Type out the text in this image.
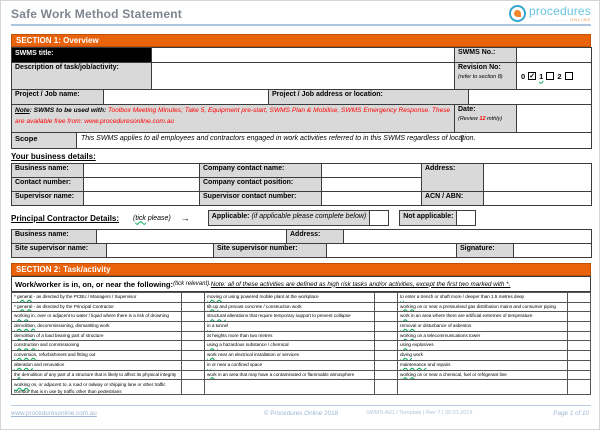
Safe Work Method Statement	procedures
- - - - - - - ONLINE
SECTION 1: Overview
SWMS title:	SWMS No.:
Description of task/job/activity:	Revision No:
(refer to section 8)	0 ✓ 1 2
Project / Job name:	Project / Job address or location:
Note: SWMS to be used with: Toolbox Meeting Minutes; Take 5, Equipment pre-start, SWMS Plan & Mobilise, SWMS Emergency Response. These are available free from: www.proceduresonline.com.au
Date:
(Review 12 mthly)
Scope	This SWMS applies to all employees and contractors engaged in work activities referred to in this SWMS regardless of location.
I
Your business details:
Business name:	Company contact name:	Address:
Contact number:	Company contact position:
Supervisor name:	Supervisor contact number:	ACN / ABN:
Principal Contractor Details: (tick please) →	Applicable: (if applicable please complete below)	Not applicable:
Business name:	Address:
Site supervisor name:	Site supervisor number:	Signature:
SECTION 2: Task/activity
Work/worker is in, on, or near the following: (tick relevant). Note: all of these activities are defined as high risk tasks and/or activities, except the first two marked with *.
* general - as directed by the PCBU / Managers / Supervisor	moving or using powered mobile plant at the workplace	to enter a trench or shaft more / deeper than 1.5 metres deep
* general - as directed by the Principal Contractor	tilt-up and precast concrete / construction work	working on or near a pressurised gas distribution mains and consumer piping
working in, over or adjacent to water / liquid where there is a risk of drowning	structural alterations that require temporary support to prevent collapse	work in an area where there are artificial extremes of temperature
demolition, decommissioning, dismantling work	in a tunnel	removal or disturbance of asbestos
demolition of a load bearing part of structure	at heights more than two metres	working on a telecommunications tower
construction and commissioning	using a hazardous substance / chemical	using explosives
conversion, refurbishment and fitting out	work near an electrical installation or services	diving work
alteration and renovation	in or near a confined space	maintenance and repairs
the demolition of any part of a structure that is likely to affect its physical integrity	work in an area that may have a contaminated or flammable atmosphere	working on or near a chemical, fuel or refrigerant line
working on, or adjacent to, a road or railway or shipping lane or other traffic corridor that is in use by traffic other than pedestrians
www.proceduresonline.com.au	© Procedures Online 2018	SWMS-A01 / Template | Rev 7 | 30.01.2018	Page 1 of 10
